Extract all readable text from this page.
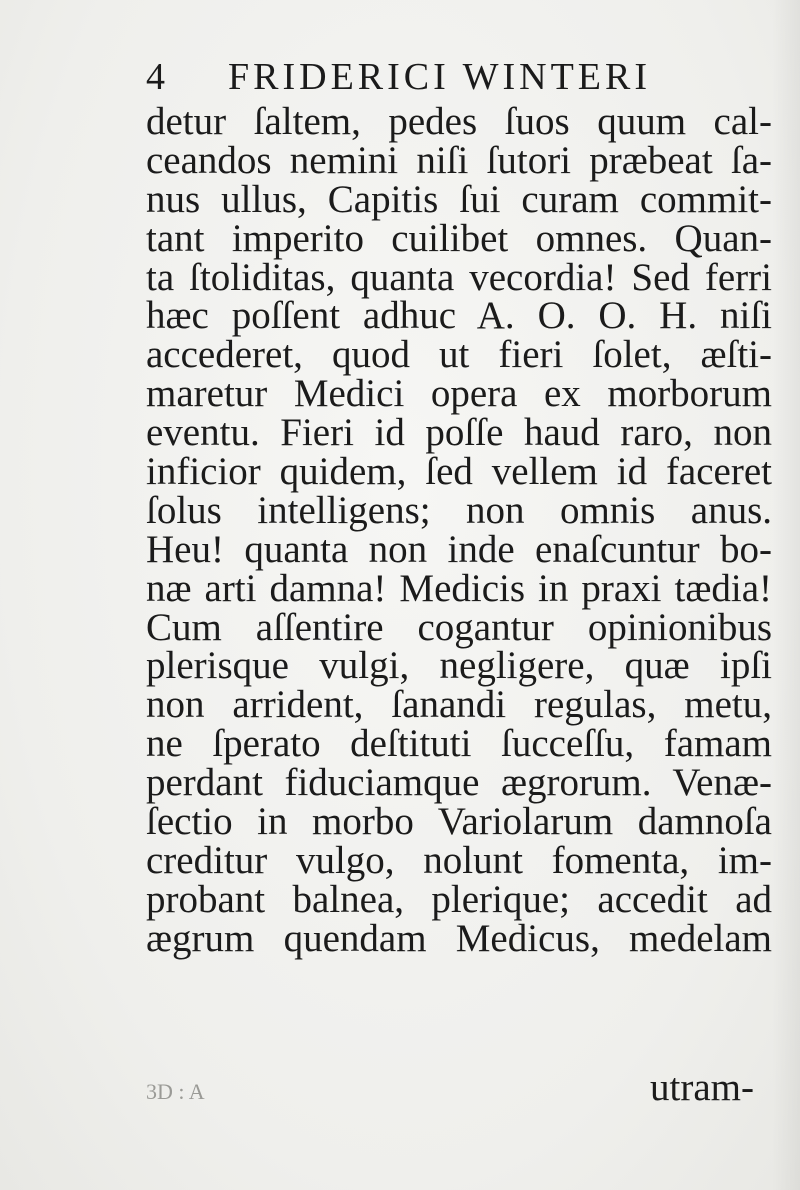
4 FRIDERICI WINTERI
detur ſaltem, pedes ſuos quum cal-
ceandos nemini niſi ſutori præbeat ſa-
nus ullus, Capitis ſui curam commit-
tant imperito cuilibet omnes. Quan-
ta ſtoliditas, quanta vecordia! Sed ferri
hæc poſſent adhuc A. O. O. H. niſi
accederet, quod ut fieri ſolet, æſti-
maretur Medici opera ex morborum
eventu. Fieri id poſſe haud raro, non
inficior quidem, ſed vellem id faceret
ſolus intelligens; non omnis anus.
Heu! quanta non inde enaſcuntur bo-
næ arti damna! Medicis in praxi tædia!
Cum aſſentire cogantur opinionibus
plerisque vulgi, negligere, quæ ipſi
non arrident, ſanandi regulas, metu,
ne ſperato deſtituti ſucceſſu, famam
perdant fiduciamque ægrorum. Venæ-
ſectio in morbo Variolarum damnoſa
creditur vulgo, nolunt fomenta, im-
probant balnea, plerique; accedit ad
ægrum quendam Medicus, medelam
3D : A	utram-
